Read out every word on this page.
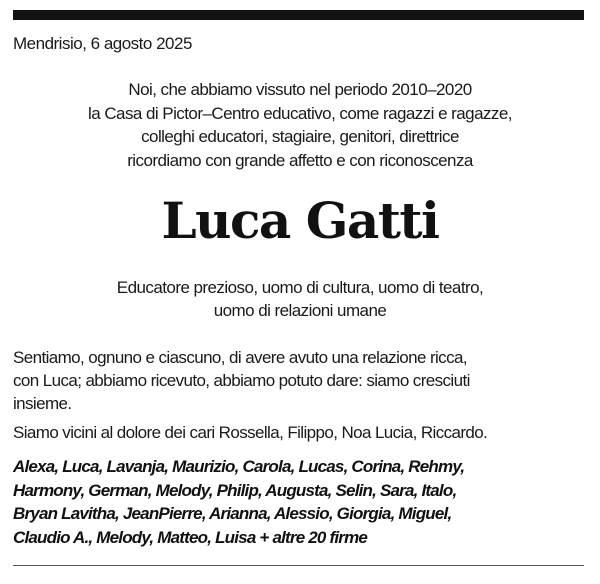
Mendrisio, 6 agosto 2025
Noi, che abbiamo vissuto nel periodo 2010–2020
la Casa di Pictor–Centro educativo, come ragazzi e ragazze,
colleghi educatori, stagiaire, genitori, direttrice
ricordiamo con grande affetto e con riconoscenza
Luca Gatti
Educatore prezioso, uomo di cultura, uomo di teatro,
uomo di relazioni umane

Sentiamo, ognuno e ciascuno, di avere avuto una relazione ricca,
con Luca; abbiamo ricevuto, abbiamo potuto dare: siamo cresciuti
insieme.

Siamo vicini al dolore dei cari Rossella, Filippo, Noa Lucia, Riccardo.

Alexa, Luca, Lavanja, Maurizio, Carola, Lucas, Corina, Rehmy,
Harmony, German, Melody, Philip, Augusta, Selin, Sara, Italo,
Bryan Lavitha, JeanPierre, Arianna, Alessio, Giorgia, Miguel,
Claudio A., Melody, Matteo, Luisa + altre 20 firme
